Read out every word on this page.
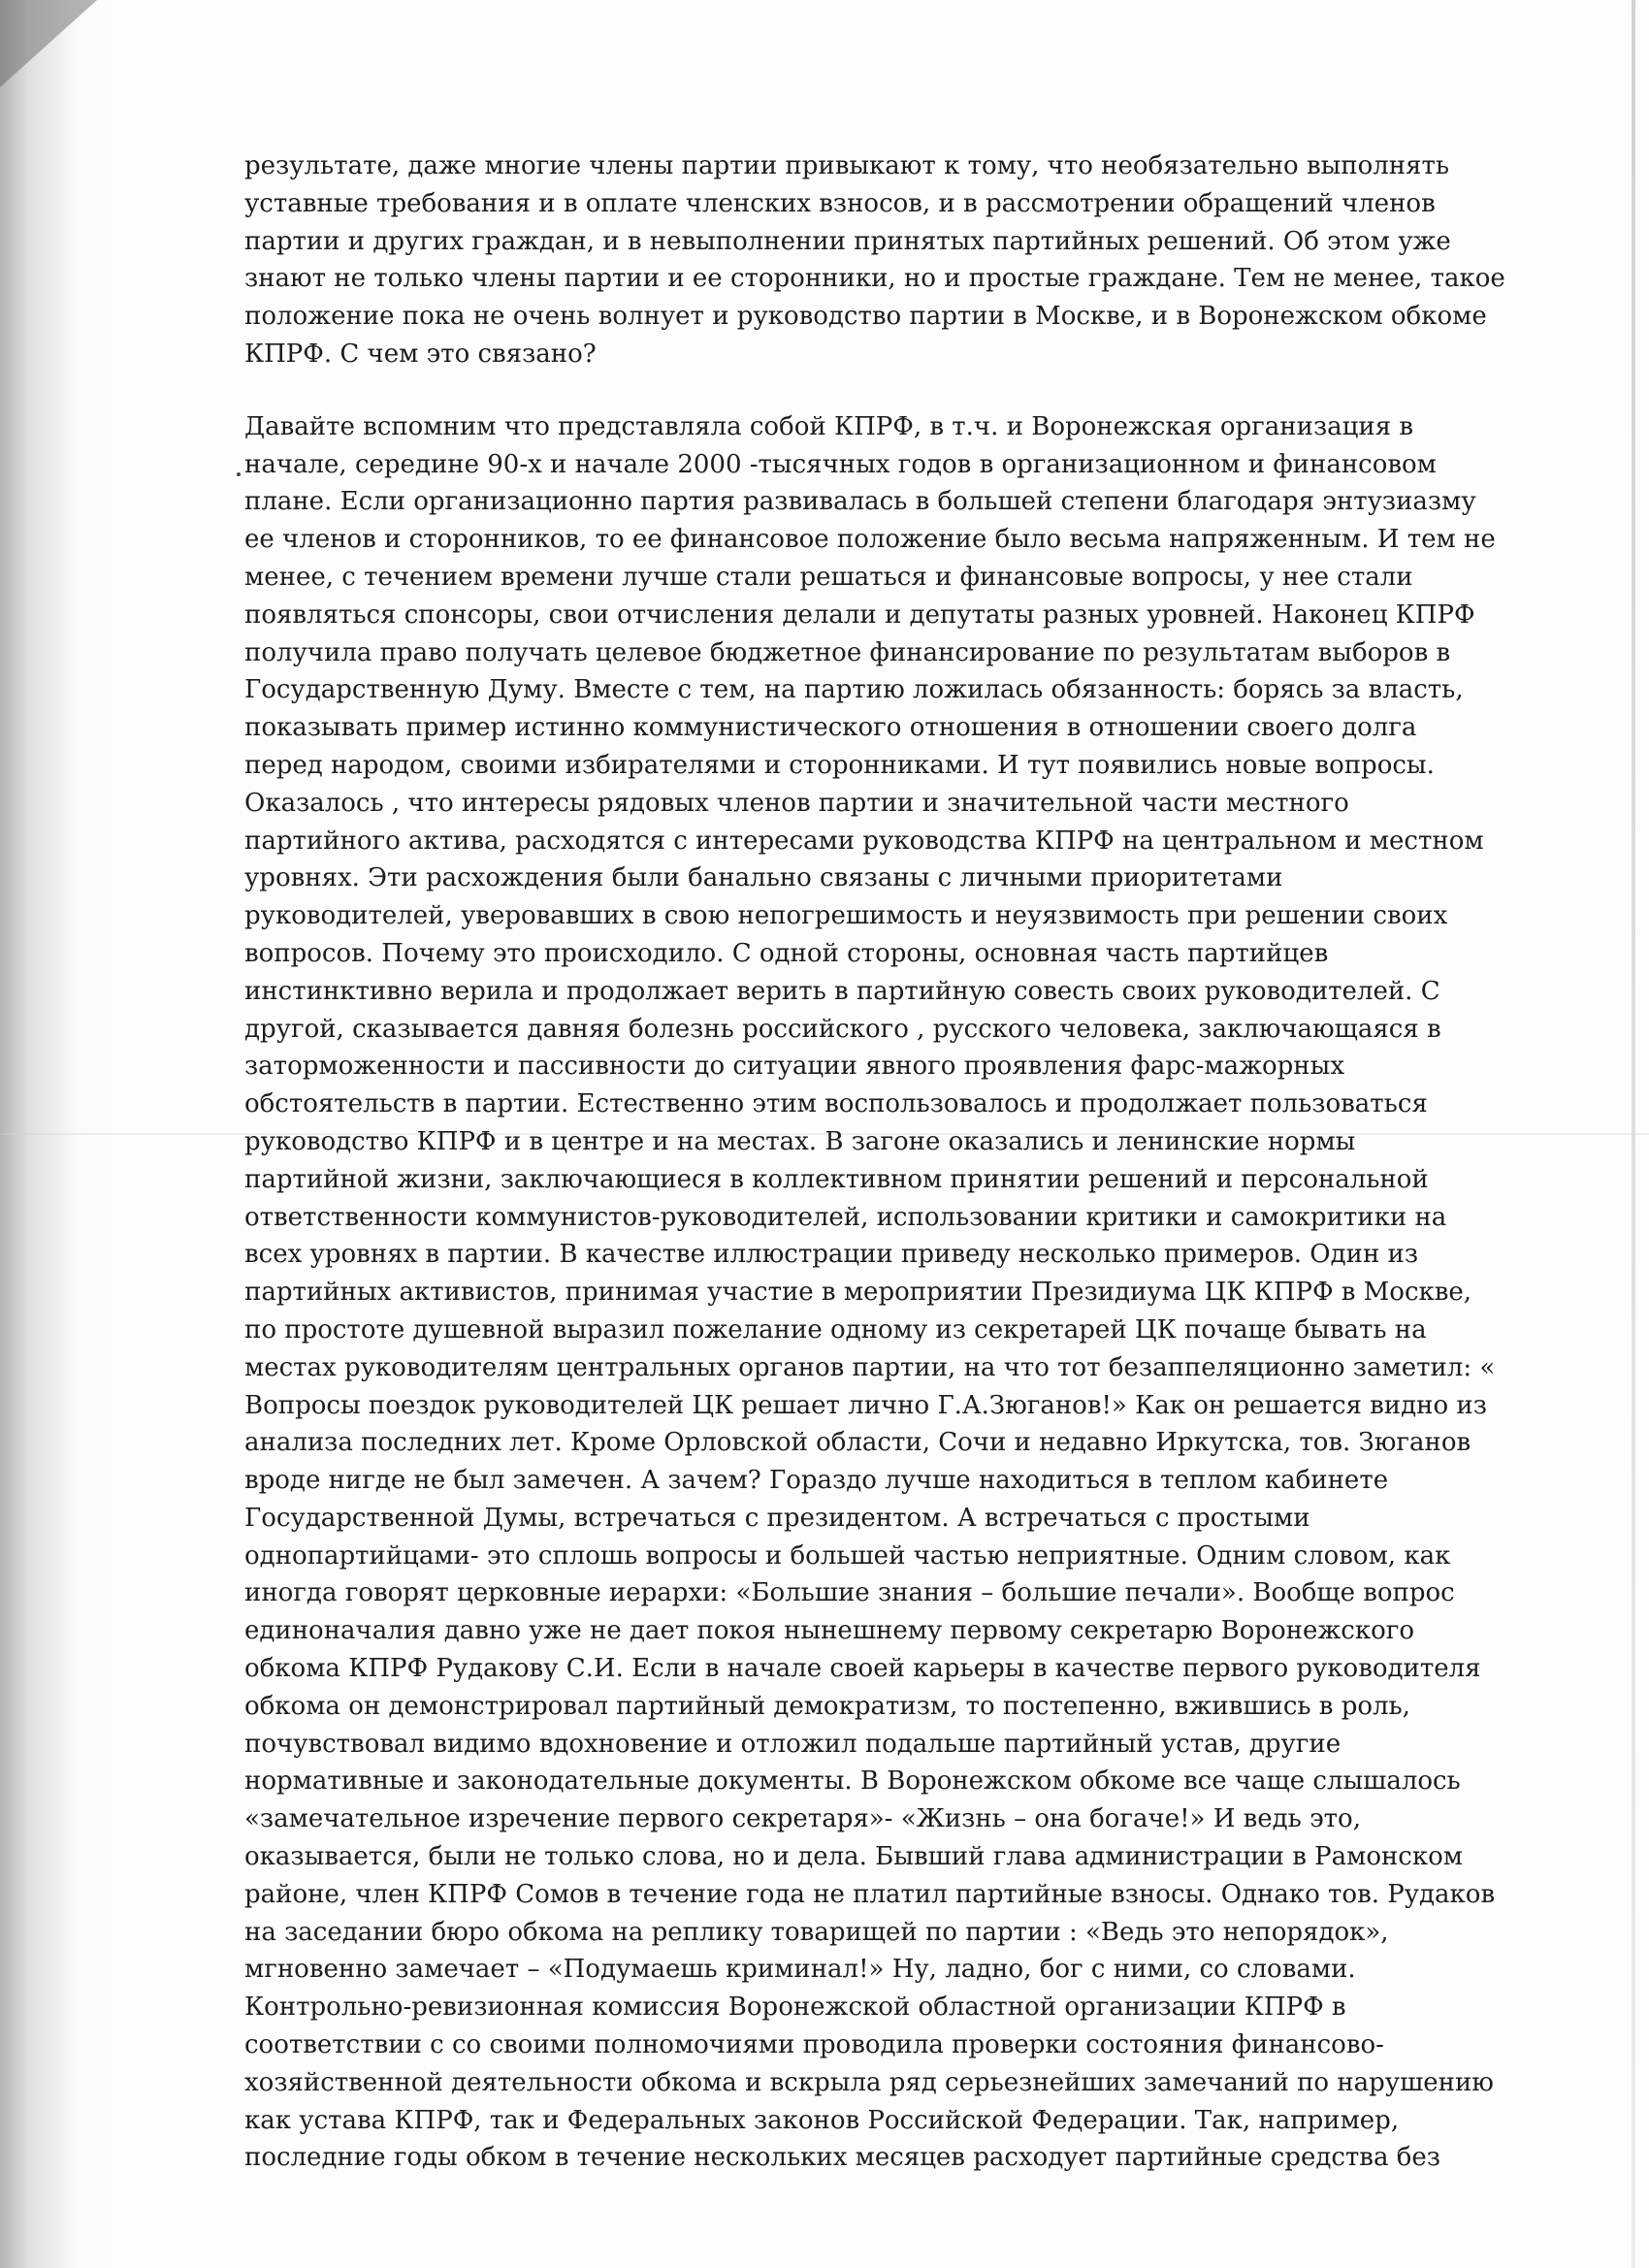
результате, даже многие члены партии привыкают к тому, что необязательно выполнять
уставные требования и в оплате членских взносов, и в рассмотрении обращений членов
партии и других граждан, и в невыполнении принятых партийных решений. Об этом уже
знают не только члены партии и ее сторонники, но и простые граждане. Тем не менее, такое
положение пока не очень волнует и руководство партии в Москве, и в Воронежском обкоме
КПРФ. С чем это связано?
Давайте вспомним что представляла собой КПРФ, в т.ч. и Воронежская организация в
начале, середине 90-х и начале 2000 -тысячных годов в организационном и финансовом
плане. Если организационно партия развивалась в большей степени благодаря энтузиазму
ее членов и сторонников, то ее финансовое положение было весьма напряженным. И тем не
менее, с течением времени лучше стали решаться и финансовые вопросы, у нее стали
появляться спонсоры, свои отчисления делали и депутаты разных уровней. Наконец КПРФ
получила право получать целевое бюджетное финансирование по результатам выборов в
Государственную Думу. Вместе с тем, на партию ложилась обязанность: борясь за власть,
показывать пример истинно коммунистического отношения в отношении своего долга
перед народом, своими избирателями и сторонниками. И тут появились новые вопросы.
Оказалось , что интересы рядовых членов партии и значительной части местного
партийного актива, расходятся с интересами руководства КПРФ на центральном и местном
уровнях. Эти расхождения были банально связаны с личными приоритетами
руководителей, уверовавших в свою непогрешимость и неуязвимость при решении своих
вопросов. Почему это происходило. С одной стороны, основная часть партийцев
инстинктивно верила и продолжает верить в партийную совесть своих руководителей. С
другой, сказывается давняя болезнь российского , русского человека, заключающаяся в
заторможенности и пассивности до ситуации явного проявления фарс-мажорных
обстоятельств в партии. Естественно этим воспользовалось и продолжает пользоваться
руководство КПРФ и в центре и на местах. В загоне оказались и ленинские нормы
партийной жизни, заключающиеся в коллективном принятии решений и персональной
ответственности коммунистов-руководителей, использовании критики и самокритики на
всех уровнях в партии. В качестве иллюстрации приведу несколько примеров. Один из
партийных активистов, принимая участие в мероприятии Президиума ЦК КПРФ в Москве,
по простоте душевной выразил пожелание одному из секретарей ЦК почаще бывать на
местах руководителям центральных органов партии, на что тот безаппеляционно заметил: «
Вопросы поездок руководителей ЦК решает лично Г.А.Зюганов!» Как он решается видно из
анализа последних лет. Кроме Орловской области, Сочи и недавно Иркутска, тов. Зюганов
вроде нигде не был замечен. А зачем? Гораздо лучше находиться в теплом кабинете
Государственной Думы, встречаться с президентом. А встречаться с простыми
однопартийцами- это сплошь вопросы и большей частью неприятные. Одним словом, как
иногда говорят церковные иерархи: «Большие знания – большие печали». Вообще вопрос
единоначалия давно уже не дает покоя нынешнему первому секретарю Воронежского
обкома КПРФ Рудакову С.И. Если в начале своей карьеры в качестве первого руководителя
обкома он демонстрировал партийный демократизм, то постепенно, вжившись в роль,
почувствовал видимо вдохновение и отложил подальше партийный устав, другие
нормативные и законодательные документы. В Воронежском обкоме все чаще слышалось
«замечательное изречение первого секретаря»- «Жизнь – она богаче!» И ведь это,
оказывается, были не только слова, но и дела. Бывший глава администрации в Рамонском
районе, член КПРФ Сомов в течение года не платил партийные взносы. Однако тов. Рудаков
на заседании бюро обкома на реплику товарищей по партии : «Ведь это непорядок»,
мгновенно замечает – «Подумаешь криминал!» Ну, ладно, бог с ними, со словами.
Контрольно-ревизионная комиссия Воронежской областной организации КПРФ в
соответствии с со своими полномочиями проводила проверки состояния финансово-
хозяйственной деятельности обкома и вскрыла ряд серьезнейших замечаний по нарушению
как устава КПРФ, так и Федеральных законов Российской Федерации. Так, например,
последние годы обком в течение нескольких месяцев расходует партийные средства без
